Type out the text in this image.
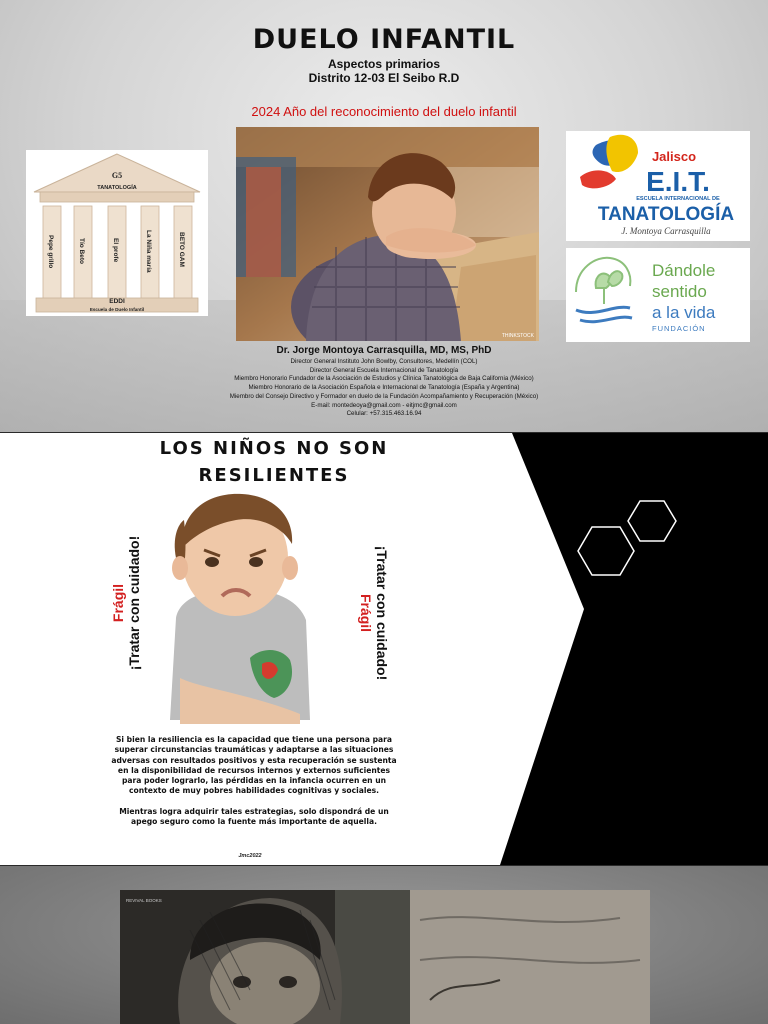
DUELO INFANTIL
Aspectos primarios
Distrito 12-03 El Seibo R.D
2024 Año del reconocimiento del duelo infantil
G5
TANATOLOGÍA
Pepe grillo	Tío Beto	El profe	La Niña maría	BETO GAM
EDDI
Escuela de Duelo Infantil
THINKSTOCK
Jalisco
E.I.T.
ESCUELA INTERNACIONAL DE
TANATOLOGÍA
J. Montoya Carrasquilla
Dándole
sentido
a la vida
FUNDACIÓN
Dr. Jorge Montoya Carrasquilla, MD, MS, PhD
Director General Instituto John Bowlby, Consultores, Medellín (COL)
Director General Escuela Internacional de Tanatología
Miembro Honorario Fundador de la Asociación de Estudios y Clínica Tanatológica de Baja California (México)
Miembro Honorario de la Asociación Española e Internacional de Tanatología (España y Argentina)
Miembro del Consejo Directivo y Formador en duelo de la Fundación Acompañamiento y Recuperación (México)
E-mail: montedeoya@gmail.com - eitjmc@gmail.com
Celular: +57.315.463.16.94
LOS NIÑOS NO SON
RESILIENTES
Frágil ¡Tratar con cuidado!	¡Tratar con cuidado!
Frágil

Si bien la resiliencia es la capacidad que tiene una persona para superar circunstancias traumáticas y adaptarse a las situaciones adversas con resultados positivos y esta recuperación se sustenta en la disponibilidad de recursos internos y externos suficientes para poder lograrlo, las pérdidas en la infancia ocurren en un contexto de muy pobres habilidades cognitivas y sociales.

Mientras logra adquirir tales estrategias, solo dispondrá de un apego seguro como la fuente más importante de aquella.

Jmc2022
REVIVAL BOOKS
